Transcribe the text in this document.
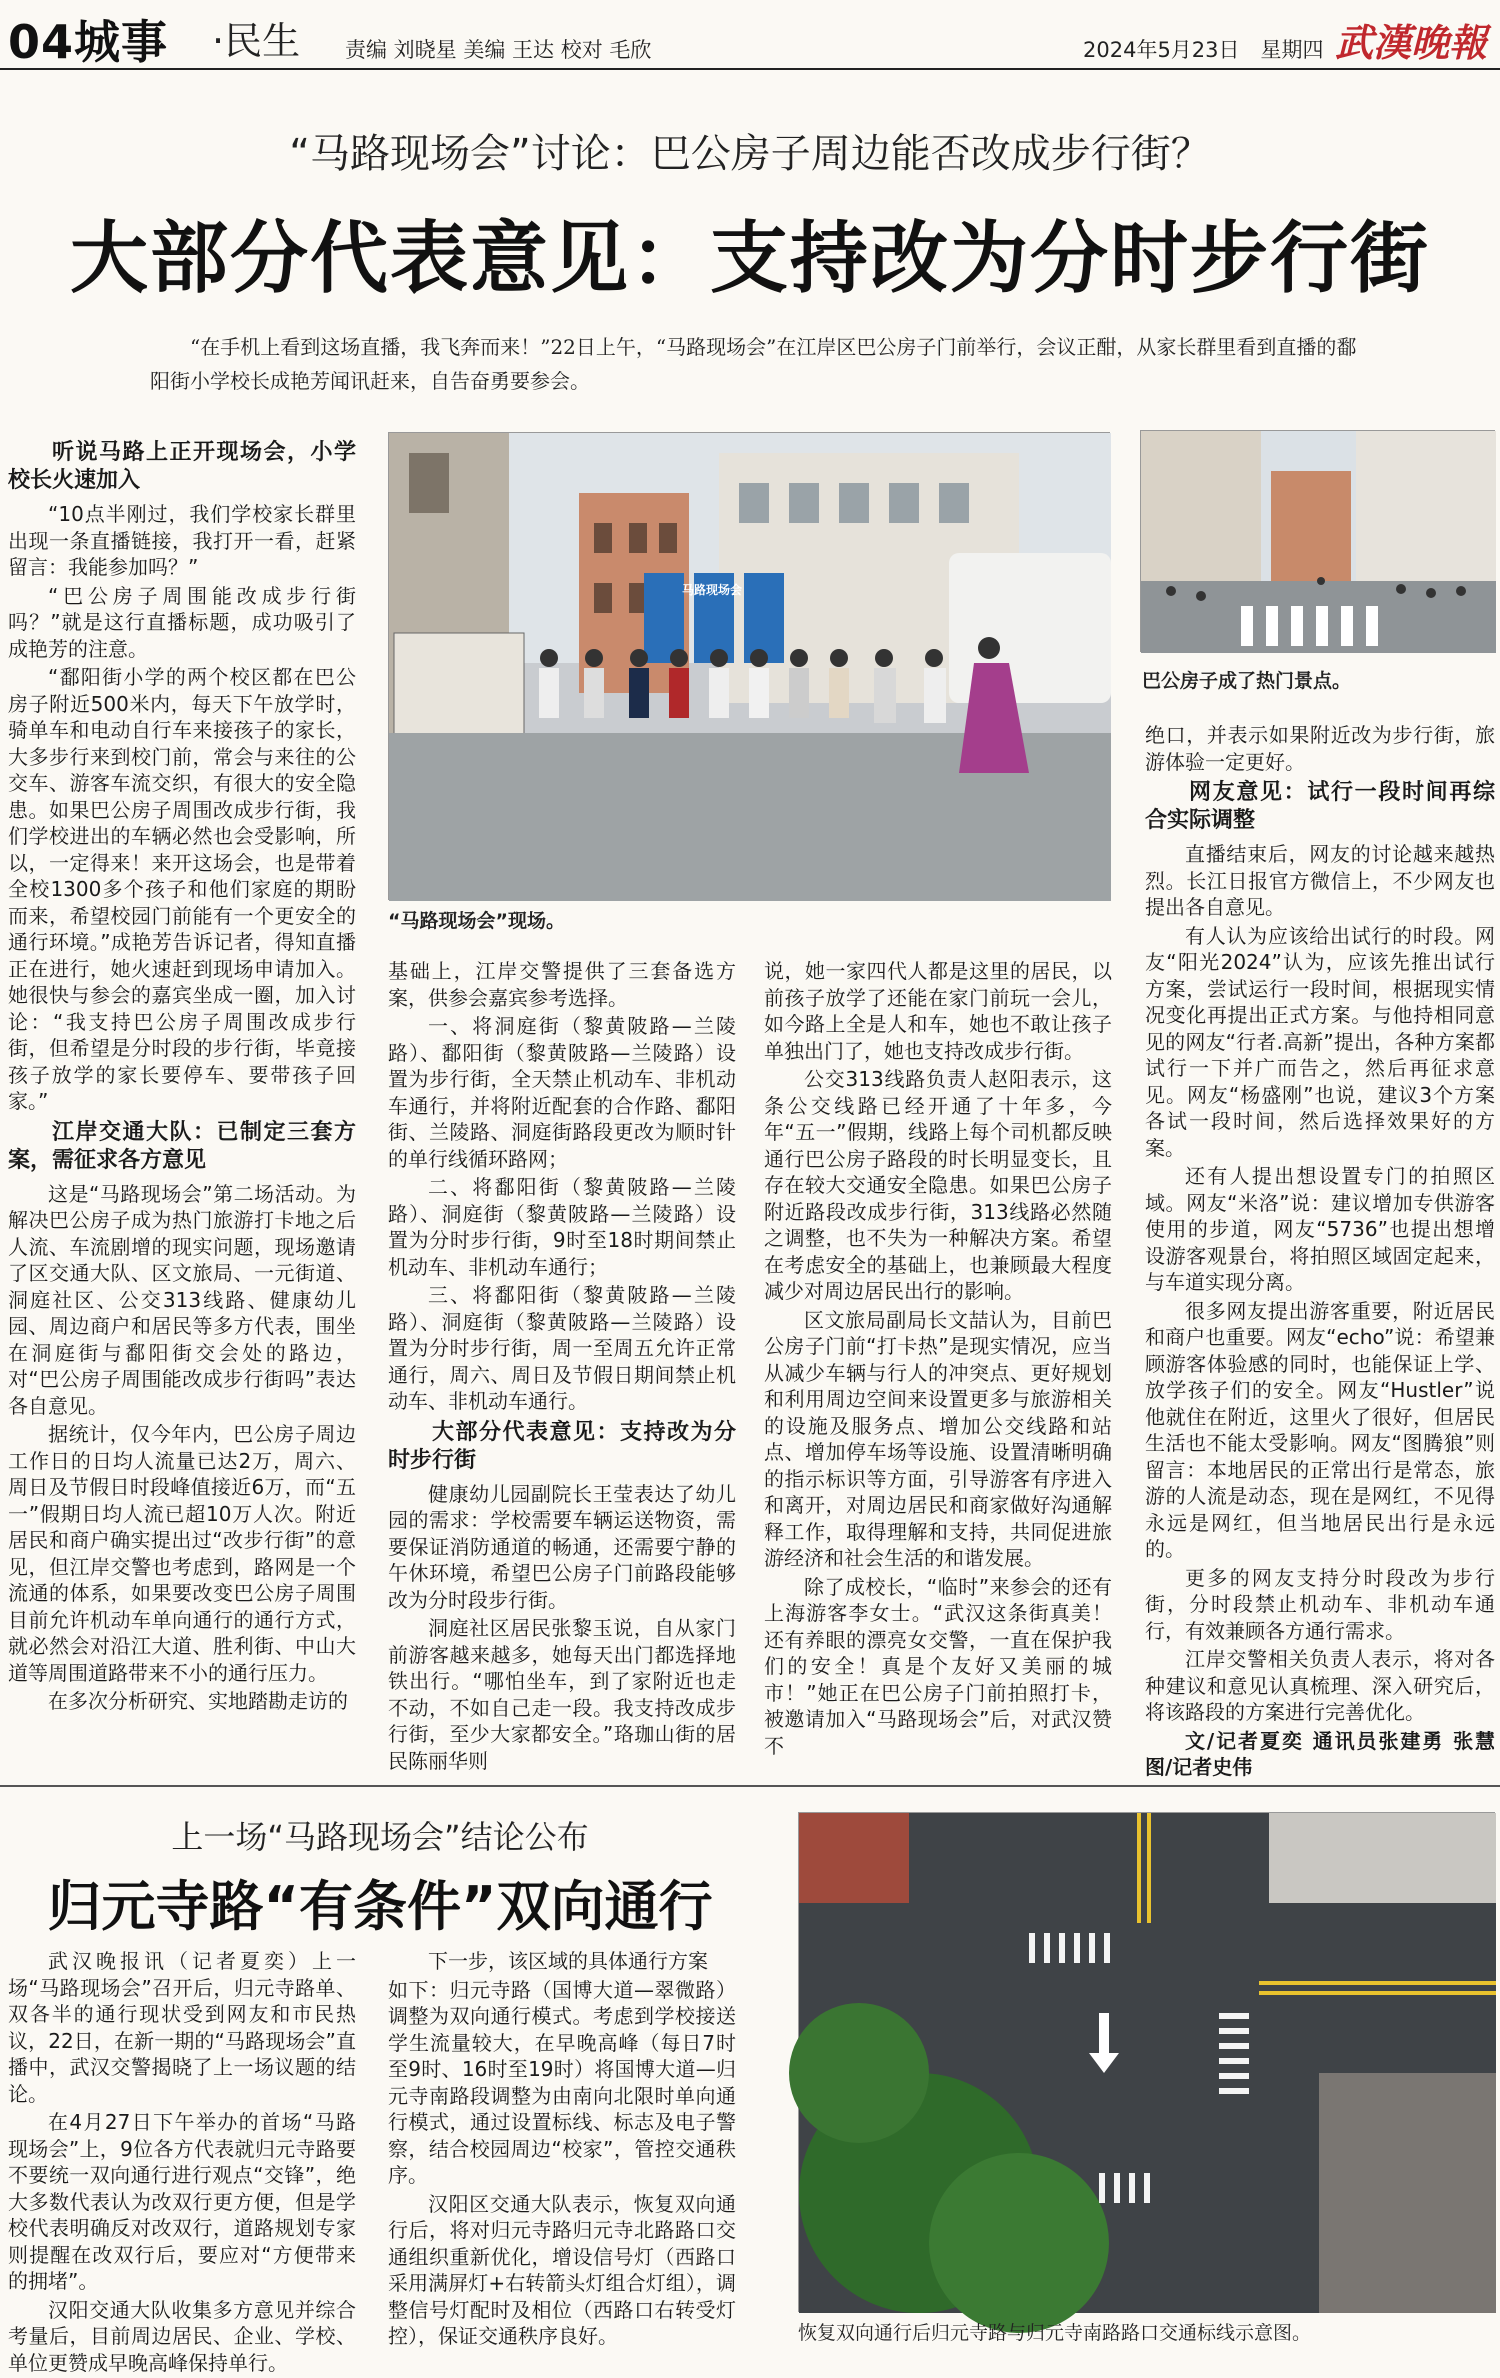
04城事 ·民生 责编 刘晓星 美编 王达 校对 毛欣	2024年5月23日　星期四 武漢晚報
“马路现场会”讨论：巴公房子周边能否改成步行街？
大部分代表意见：支持改为分时步行街
“在手机上看到这场直播，我飞奔而来！”22日上午，“马路现场会”在江岸区巴公房子门前举行，会议正酣，从家长群里看到直播的鄱阳街小学校长成艳芳闻讯赶来，自告奋勇要参会。
听说马路上正开现场会，小学校长火速加入

“10点半刚过，我们学校家长群里出现一条直播链接，我打开一看，赶紧留言：我能参加吗？”

“巴公房子周围能改成步行街吗？”就是这行直播标题，成功吸引了成艳芳的注意。

“鄱阳街小学的两个校区都在巴公房子附近500米内，每天下午放学时，骑单车和电动自行车来接孩子的家长，大多步行来到校门前，常会与来往的公交车、游客车流交织，有很大的安全隐患。如果巴公房子周围改成步行街，我们学校进出的车辆必然也会受影响，所以，一定得来！来开这场会，也是带着全校1300多个孩子和他们家庭的期盼而来，希望校园门前能有一个更安全的通行环境。”成艳芳告诉记者，得知直播正在进行，她火速赶到现场申请加入。她很快与参会的嘉宾坐成一圈，加入讨论：“我支持巴公房子周围改成步行街，但希望是分时段的步行街，毕竟接孩子放学的家长要停车、要带孩子回家。”

江岸交通大队：已制定三套方案，需征求各方意见

这是“马路现场会”第二场活动。为解决巴公房子成为热门旅游打卡地之后人流、车流剧增的现实问题，现场邀请了区交通大队、区文旅局、一元街道、洞庭社区、公交313线路、健康幼儿园、周边商户和居民等多方代表，围坐在洞庭街与鄱阳街交会处的路边，对“巴公房子周围能改成步行街吗”表达各自意见。

据统计，仅今年内，巴公房子周边工作日的日均人流量已达2万，周六、周日及节假日时段峰值接近6万，而“五一”假期日均人流已超10万人次。附近居民和商户确实提出过“改步行街”的意见，但江岸交警也考虑到，路网是一个流通的体系，如果要改变巴公房子周围目前允许机动车单向通行的通行方式，就必然会对沿江大道、胜利街、中山大道等周围道路带来不小的通行压力。

在多次分析研究、实地踏勘走访的

马路现场会
“马路现场会”现场。

基础上，江岸交警提供了三套备选方案，供参会嘉宾参考选择。

一、将洞庭街（黎黄陂路—兰陵路）、鄱阳街（黎黄陂路—兰陵路）设置为步行街，全天禁止机动车、非机动车通行，并将附近配套的合作路、鄱阳街、兰陵路、洞庭街路段更改为顺时针的单行线循环路网；

二、将鄱阳街（黎黄陂路—兰陵路）、洞庭街（黎黄陂路—兰陵路）设置为分时步行街，9时至18时期间禁止机动车、非机动车通行；

三、将鄱阳街（黎黄陂路—兰陵路）、洞庭街（黎黄陂路—兰陵路）设置为分时步行街，周一至周五允许正常通行，周六、周日及节假日期间禁止机动车、非机动车通行。

大部分代表意见：支持改为分时步行街

健康幼儿园副院长王莹表达了幼儿园的需求：学校需要车辆运送物资，需要保证消防通道的畅通，还需要宁静的午休环境，希望巴公房子门前路段能够改为分时段步行街。

洞庭社区居民张黎玉说，自从家门前游客越来越多，她每天出门都选择地铁出行。“哪怕坐车，到了家附近也走不动，不如自己走一段。我支持改成步行街，至少大家都安全。”珞珈山街的居民陈丽华则

说，她一家四代人都是这里的居民，以前孩子放学了还能在家门前玩一会儿，如今路上全是人和车，她也不敢让孩子单独出门了，她也支持改成步行街。

公交313线路负责人赵阳表示，这条公交线路已经开通了十年多，今年“五一”假期，线路上每个司机都反映通行巴公房子路段的时长明显变长，且存在较大交通安全隐患。如果巴公房子附近路段改成步行街，313线路必然随之调整，也不失为一种解决方案。希望在考虑安全的基础上，也兼顾最大程度减少对周边居民出行的影响。

区文旅局副局长文喆认为，目前巴公房子门前“打卡热”是现实情况，应当从减少车辆与行人的冲突点、更好规划和利用周边空间来设置更多与旅游相关的设施及服务点、增加公交线路和站点、增加停车场等设施、设置清晰明确的指示标识等方面，引导游客有序进入和离开，对周边居民和商家做好沟通解释工作，取得理解和支持，共同促进旅游经济和社会生活的和谐发展。

除了成校长，“临时”来参会的还有上海游客李女士。“武汉这条街真美！还有养眼的漂亮女交警，一直在保护我们的安全！真是个友好又美丽的城市！”她正在巴公房子门前拍照打卡，被邀请加入“马路现场会”后，对武汉赞不

巴公房子成了热门景点。

绝口，并表示如果附近改为步行街，旅游体验一定更好。

网友意见：试行一段时间再综合实际调整

直播结束后，网友的讨论越来越热烈。长江日报官方微信上，不少网友也提出各自意见。

有人认为应该给出试行的时段。网友“阳光2024”认为，应该先推出试行方案，尝试运行一段时间，根据现实情况变化再提出正式方案。与他持相同意见的网友“行者.高新”提出，各种方案都试行一下并广而告之，然后再征求意见。网友“杨盛刚”也说，建议3个方案各试一段时间，然后选择效果好的方案。

还有人提出想设置专门的拍照区域。网友“米洛”说：建议增加专供游客使用的步道，网友“5736”也提出想增设游客观景台，将拍照区域固定起来，与车道实现分离。

很多网友提出游客重要，附近居民和商户也重要。网友“echo”说：希望兼顾游客体验感的同时，也能保证上学、放学孩子们的安全。网友“Hustler”说他就住在附近，这里火了很好，但居民生活也不能太受影响。网友“图腾狼”则留言：本地居民的正常出行是常态，旅游的人流是动态，现在是网红，不见得永远是网红，但当地居民出行是永远的。

更多的网友支持分时段改为步行街，分时段禁止机动车、非机动车通行，有效兼顾各方通行需求。

江岸交警相关负责人表示，将对各种建议和意见认真梳理、深入研究后，将该路段的方案进行完善优化。

文/记者夏奕 通讯员张建勇 张慧 图/记者史伟

上一场“马路现场会”结论公布
归元寺路“有条件”双向通行

武汉晚报讯（记者夏奕）上一场“马路现场会”召开后，归元寺路单、双各半的通行现状受到网友和市民热议，22日，在新一期的“马路现场会”直播中，武汉交警揭晓了上一场议题的结论。

在4月27日下午举办的首场“马路现场会”上，9位各方代表就归元寺路要不要统一双向通行进行观点“交锋”，绝大多数代表认为改双行更方便，但是学校代表明确反对改双行，道路规划专家则提醒在改双行后，要应对“方便带来的拥堵”。

汉阳交通大队收集多方意见并综合考量后，目前周边居民、企业、学校、单位更赞成早晚高峰保持单行。

下一步，该区域的具体通行方案

如下：归元寺路（国博大道—翠微路）调整为双向通行模式。考虑到学校接送学生流量较大，在早晚高峰（每日7时至9时、16时至19时）将国博大道—归元寺南路段调整为由南向北限时单向通行模式，通过设置标线、标志及电子警察，结合校园周边“校家”，管控交通秩序。

汉阳区交通大队表示，恢复双向通行后，将对归元寺路归元寺北路路口交通组织重新优化，增设信号灯（西路口采用满屏灯+右转箭头灯组合灯组），调整信号灯配时及相位（西路口右转受灯控），保证交通秩序良好。	恢复双向通行后归元寺路与归元寺南路路口交通标线示意图。
